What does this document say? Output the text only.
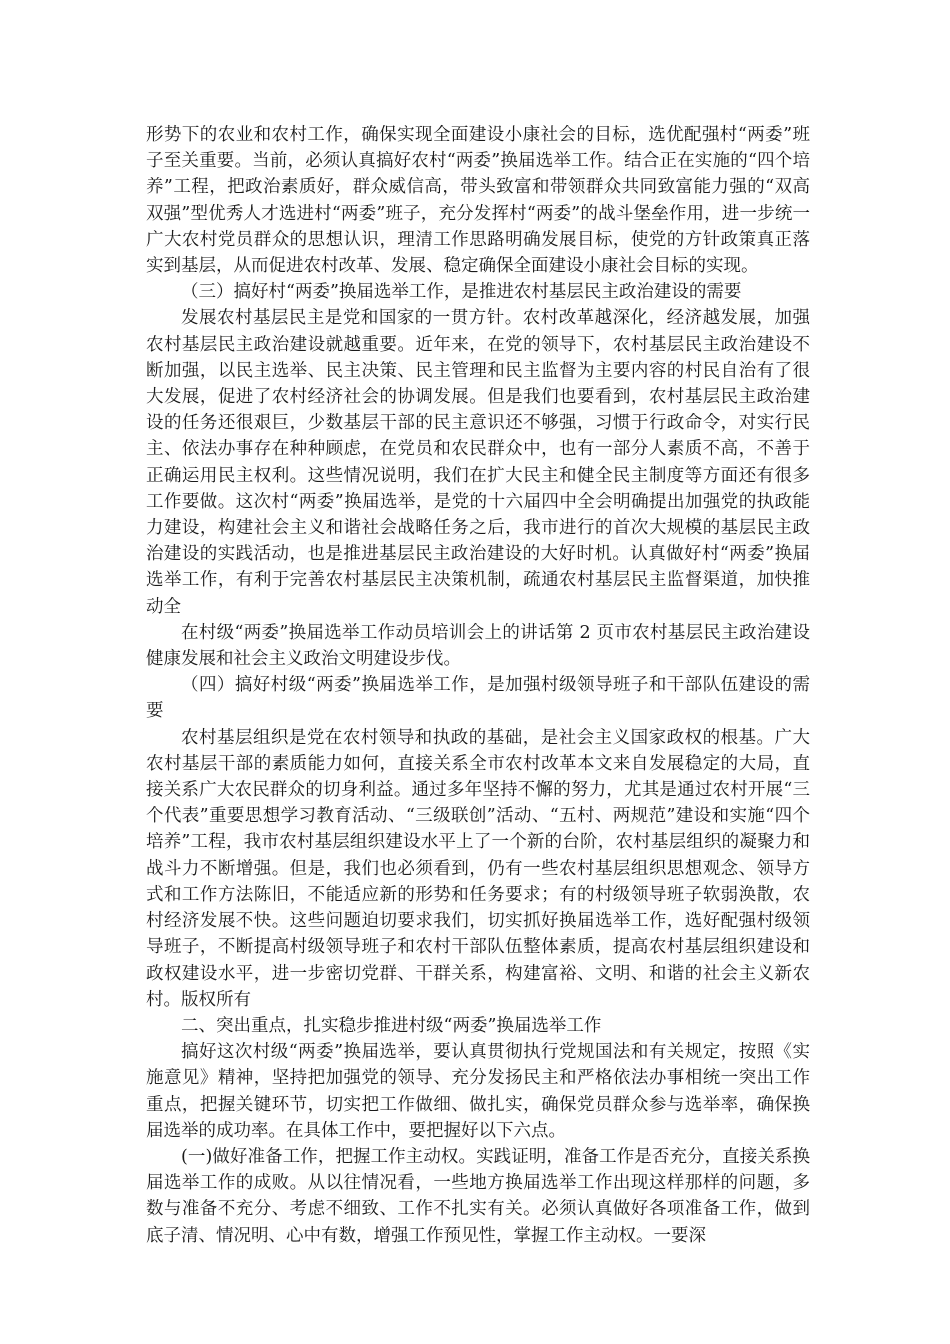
形势下的农业和农村工作，确保实现全面建设小康社会的目标，选优配强村“两委”班子至关重要。当前，必须认真搞好农村“两委”换届选举工作。结合正在实施的“四个培养”工程，把政治素质好，群众威信高，带头致富和带领群众共同致富能力强的“双高双强”型优秀人才选进村“两委”班子，充分发挥村“两委”的战斗堡垒作用，进一步统一广大农村党员群众的思想认识，理清工作思路明确发展目标，使党的方针政策真正落实到基层，从而促进农村改革、发展、稳定确保全面建设小康社会目标的实现。

（三）搞好村“两委”换届选举工作，是推进农村基层民主政治建设的需要

发展农村基层民主是党和国家的一贯方针。农村改革越深化，经济越发展，加强农村基层民主政治建设就越重要。近年来，在党的领导下，农村基层民主政治建设不断加强，以民主选举、民主决策、民主管理和民主监督为主要内容的村民自治有了很大发展，促进了农村经济社会的协调发展。但是我们也要看到，农村基层民主政治建设的任务还很艰巨，少数基层干部的民主意识还不够强，习惯于行政命令，对实行民主、依法办事存在种种顾虑，在党员和农民群众中，也有一部分人素质不高，不善于正确运用民主权利。这些情况说明，我们在扩大民主和健全民主制度等方面还有很多工作要做。这次村“两委”换届选举，是党的十六届四中全会明确提出加强党的执政能力建设，构建社会主义和谐社会战略任务之后，我市进行的首次大规模的基层民主政治建设的实践活动，也是推进基层民主政治建设的大好时机。认真做好村“两委”换届选举工作，有利于完善农村基层民主决策机制，疏通农村基层民主监督渠道，加快推动全

在村级“两委”换届选举工作动员培训会上的讲话第 2 页市农村基层民主政治建设健康发展和社会主义政治文明建设步伐。

（四）搞好村级“两委”换届选举工作，是加强村级领导班子和干部队伍建设的需要

农村基层组织是党在农村领导和执政的基础，是社会主义国家政权的根基。广大农村基层干部的素质能力如何，直接关系全市农村改革本文来自发展稳定的大局，直接关系广大农民群众的切身利益。通过多年坚持不懈的努力，尤其是通过农村开展“三个代表”重要思想学习教育活动、“三级联创”活动、“五村、两规范”建设和实施“四个培养”工程，我市农村基层组织建设水平上了一个新的台阶，农村基层组织的凝聚力和战斗力不断增强。但是，我们也必须看到，仍有一些农村基层组织思想观念、领导方式和工作方法陈旧，不能适应新的形势和任务要求；有的村级领导班子软弱涣散，农村经济发展不快。这些问题迫切要求我们，切实抓好换届选举工作，选好配强村级领导班子，不断提高村级领导班子和农村干部队伍整体素质，提高农村基层组织建设和政权建设水平，进一步密切党群、干群关系，构建富裕、文明、和谐的社会主义新农村。版权所有

二、突出重点，扎实稳步推进村级“两委”换届选举工作

搞好这次村级“两委”换届选举，要认真贯彻执行党规国法和有关规定，按照《实施意见》精神，坚持把加强党的领导、充分发扬民主和严格依法办事相统一突出工作重点，把握关键环节，切实把工作做细、做扎实，确保党员群众参与选举率，确保换届选举的成功率。在具体工作中，要把握好以下六点。

(一)做好准备工作，把握工作主动权。实践证明，准备工作是否充分，直接关系换届选举工作的成败。从以往情况看，一些地方换届选举工作出现这样那样的问题，多数与准备不充分、考虑不细致、工作不扎实有关。必须认真做好各项准备工作，做到底子清、情况明、心中有数，增强工作预见性，掌握工作主动权。一要深
